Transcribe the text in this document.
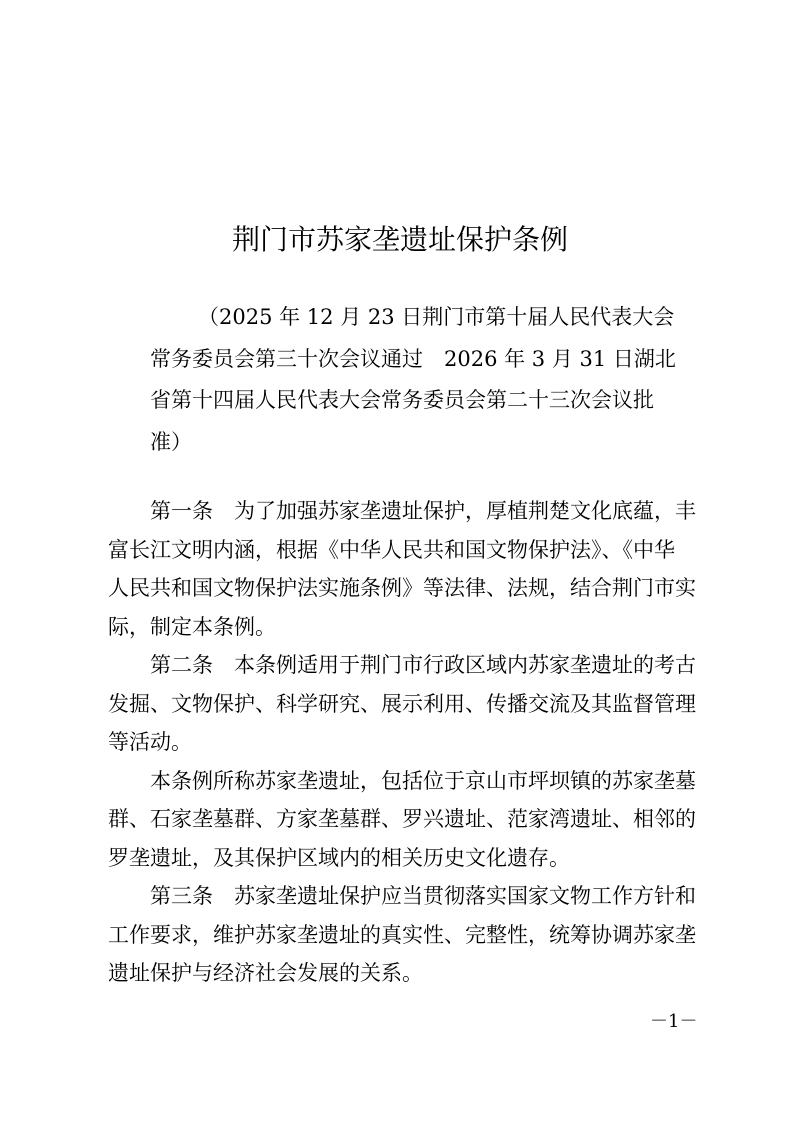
荆门市苏家垄遗址保护条例
（2025 年 12 月 23 日荆门市第十届人民代表大会
常务委员会第三十次会议通过　2026 年 3 月 31 日湖北
省第十四届人民代表大会常务委员会第二十三次会议批
准）

第一条　为了加强苏家垄遗址保护，厚植荆楚文化底蕴，丰
富长江文明内涵，根据《中华人民共和国文物保护法》、《中华
人民共和国文物保护法实施条例》等法律、法规，结合荆门市实
际，制定本条例。

第二条　本条例适用于荆门市行政区域内苏家垄遗址的考古
发掘、文物保护、科学研究、展示利用、传播交流及其监督管理
等活动。

本条例所称苏家垄遗址，包括位于京山市坪坝镇的苏家垄墓
群、石家垄墓群、方家垄墓群、罗兴遗址、范家湾遗址、相邻的
罗垄遗址，及其保护区域内的相关历史文化遗存。

第三条　苏家垄遗址保护应当贯彻落实国家文物工作方针和
工作要求，维护苏家垄遗址的真实性、完整性，统筹协调苏家垄
遗址保护与经济社会发展的关系。

－1－
